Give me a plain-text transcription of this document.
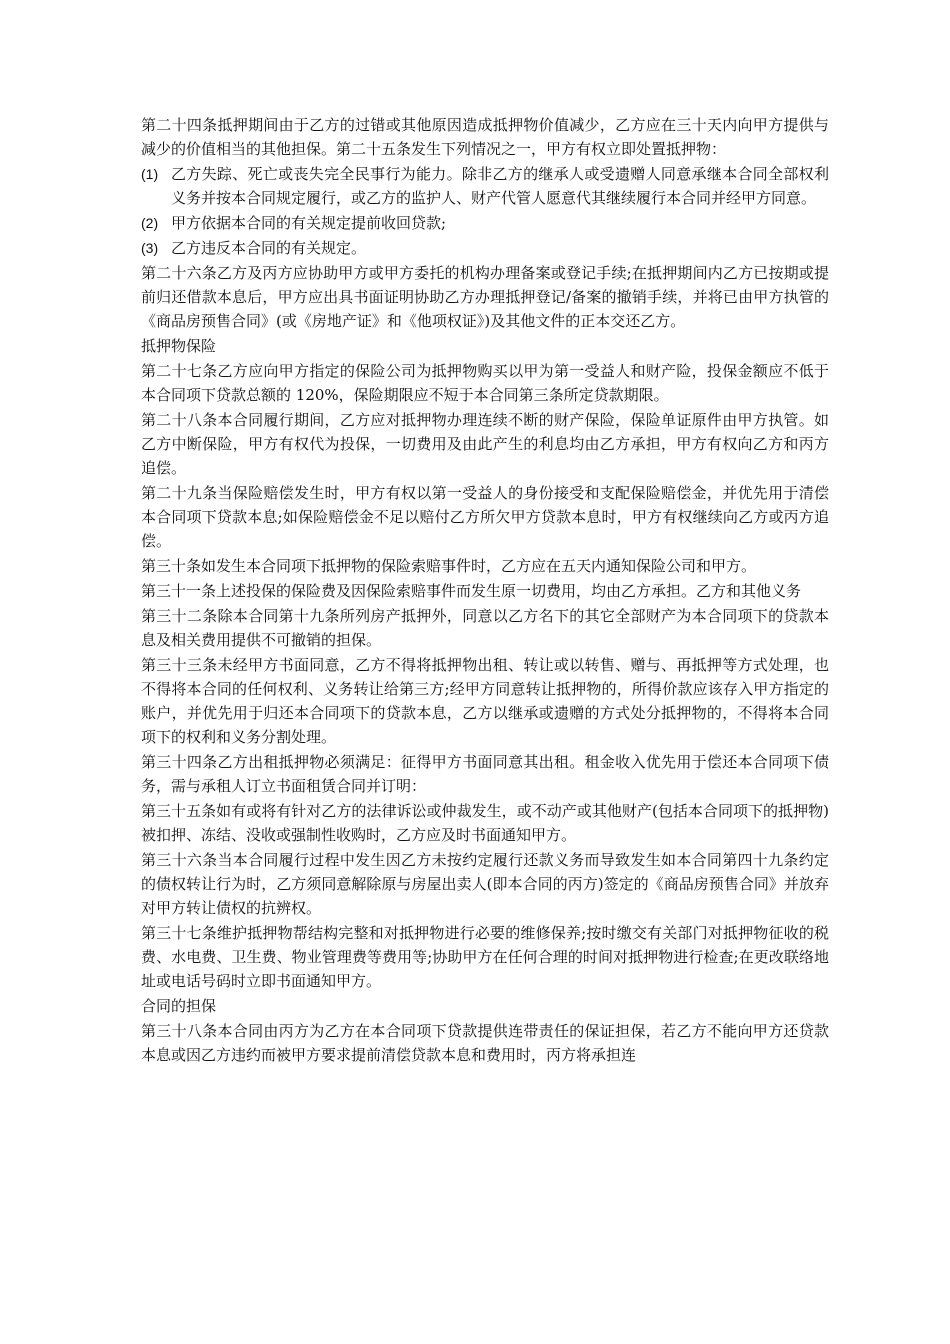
第二十四条抵押期间由于乙方的过错或其他原因造成抵押物价值减少，乙方应在三十天内向甲方提供与减少的价值相当的其他担保。第二十五条发生下列情况之一，甲方有权立即处置抵押物：

(1) 乙方失踪、死亡或丧失完全民事行为能力。除非乙方的继承人或受遗赠人同意承继本合同全部权利义务并按本合同规定履行，或乙方的监护人、财产代管人愿意代其继续履行本合同并经甲方同意。
(2) 甲方依据本合同的有关规定提前收回贷款;
(3) 乙方违反本合同的有关规定。

第二十六条乙方及丙方应协助甲方或甲方委托的机构办理备案或登记手续;在抵押期间内乙方已按期或提前归还借款本息后，甲方应出具书面证明协助乙方办理抵押登记/备案的撤销手续，并将已由甲方执管的《商品房预售合同》(或《房地产证》和《他项权证》)及其他文件的正本交还乙方。

抵押物保险

第二十七条乙方应向甲方指定的保险公司为抵押物购买以甲为第一受益人和财产险，投保金额应不低于本合同项下贷款总额的 120%，保险期限应不短于本合同第三条所定贷款期限。

第二十八条本合同履行期间，乙方应对抵押物办理连续不断的财产保险，保险单证原件由甲方执管。如乙方中断保险，甲方有权代为投保，一切费用及由此产生的利息均由乙方承担，甲方有权向乙方和丙方追偿。

第二十九条当保险赔偿发生时，甲方有权以第一受益人的身份接受和支配保险赔偿金，并优先用于清偿本合同项下贷款本息;如保险赔偿金不足以赔付乙方所欠甲方贷款本息时，甲方有权继续向乙方或丙方追偿。

第三十条如发生本合同项下抵押物的保险索赔事件时，乙方应在五天内通知保险公司和甲方。

第三十一条上述投保的保险费及因保险索赔事件而发生原一切费用，均由乙方承担。乙方和其他义务

第三十二条除本合同第十九条所列房产抵押外，同意以乙方名下的其它全部财产为本合同项下的贷款本息及相关费用提供不可撤销的担保。

第三十三条未经甲方书面同意，乙方不得将抵押物出租、转让或以转售、赠与、再抵押等方式处理，也不得将本合同的任何权利、义务转让给第三方;经甲方同意转让抵押物的，所得价款应该存入甲方指定的账户，并优先用于归还本合同项下的贷款本息，乙方以继承或遗赠的方式处分抵押物的，不得将本合同项下的权利和义务分割处理。

第三十四条乙方出租抵押物必须满足：征得甲方书面同意其出租。租金收入优先用于偿还本合同项下债务，需与承租人订立书面租赁合同并订明：

第三十五条如有或将有针对乙方的法律诉讼或仲裁发生，或不动产或其他财产(包括本合同项下的抵押物)被扣押、冻结、没收或强制性收购时，乙方应及时书面通知甲方。

第三十六条当本合同履行过程中发生因乙方未按约定履行还款义务而导致发生如本合同第四十九条约定的债权转让行为时，乙方须同意解除原与房屋出卖人(即本合同的丙方)签定的《商品房预售合同》并放弃对甲方转让债权的抗辨权。

第三十七条维护抵押物帮结构完整和对抵押物进行必要的维修保养;按时缴交有关部门对抵押物征收的税费、水电费、卫生费、物业管理费等费用等;协助甲方在任何合理的时间对抵押物进行检查;在更改联络地址或电话号码时立即书面通知甲方。

合同的担保

第三十八条本合同由丙方为乙方在本合同项下贷款提供连带责任的保证担保，若乙方不能向甲方还贷款本息或因乙方违约而被甲方要求提前清偿贷款本息和费用时，丙方将承担连
